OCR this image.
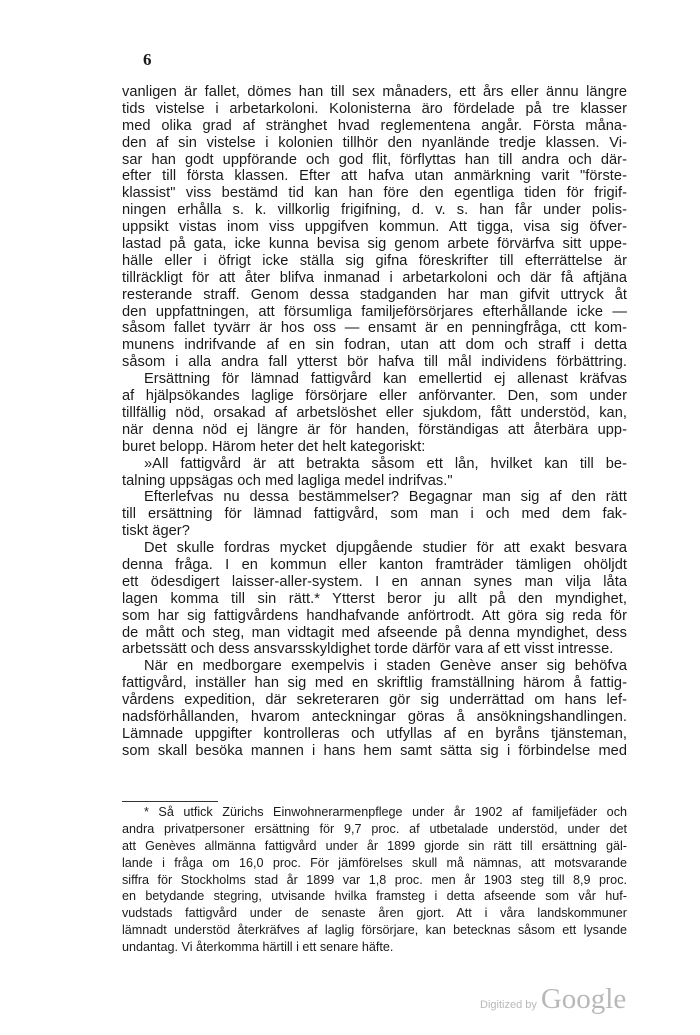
6
vanligen är fallet, dömes han till sex månaders, ett års eller ännu längre
tids vistelse i arbetarkoloni. Kolonisterna äro fördelade på tre klasser
med olika grad af stränghet hvad reglementena angår. Första måna-
den af sin vistelse i kolonien tillhör den nyanlände tredje klassen. Vi-
sar han godt uppförande och god flit, förflyttas han till andra och där-
efter till första klassen. Efter att hafva utan anmärkning varit "förste-
klassist" viss bestämd tid kan han före den egentliga tiden för frigif-
ningen erhålla s. k. villkorlig frigifning, d. v. s. han får under polis-
uppsikt vistas inom viss uppgifven kommun. Att tigga, visa sig öfver-
lastad på gata, icke kunna bevisa sig genom arbete förvärfva sitt uppe-
hälle eller i öfrigt icke ställa sig gifna föreskrifter till efterrättelse är
tillräckligt för att åter blifva inmanad i arbetarkoloni och där få aftjäna
resterande straff. Genom dessa stadganden har man gifvit uttryck åt
den uppfattningen, att försumliga familjeförsörjares efterhållande icke —
såsom fallet tyvärr är hos oss — ensamt är en penningfråga, ctt kom-
munens indrifvande af en sin fodran, utan att dom och straff i detta
såsom i alla andra fall ytterst bör hafva till mål individens förbättring.
Ersättning för lämnad fattigvård kan emellertid ej allenast kräfvas
af hjälpsökandes laglige försörjare eller anförvanter. Den, som under
tillfällig nöd, orsakad af arbetslöshet eller sjukdom, fått understöd, kan,
när denna nöd ej längre är för handen, förständigas att återbära upp-
buret belopp. Härom heter det helt kategoriskt:
»All fattigvård är att betrakta såsom ett lån, hvilket kan till be-
talning uppsägas och med lagliga medel indrifvas."
Efterlefvas nu dessa bestämmelser? Begagnar man sig af den rätt
till ersättning för lämnad fattigvård, som man i och med dem fak-
tiskt äger?
Det skulle fordras mycket djupgående studier för att exakt besvara
denna fråga. I en kommun eller kanton framträder tämligen ohöljdt
ett ödesdigert laisser-aller-system. I en annan synes man vilja låta
lagen komma till sin rätt.* Ytterst beror ju allt på den myndighet,
som har sig fattigvårdens handhafvande anförtrodt. Att göra sig reda för
de mått och steg, man vidtagit med afseende på denna myndighet, dess
arbetssätt och dess ansvarsskyldighet torde därför vara af ett visst intresse.
När en medborgare exempelvis i staden Genève anser sig behöfva
fattigvård, inställer han sig med en skriftlig framställning härom å fattig-
vårdens expedition, där sekreteraren gör sig underrättad om hans lef-
nadsförhållanden, hvarom anteckningar göras å ansökningshandlingen.
Lämnade uppgifter kontrolleras och utfyllas af en byråns tjänsteman,
som skall besöka mannen i hans hem samt sätta sig i förbindelse med
* Så utfick Zürichs Einwohnerarmenpflege under år 1902 af familjefäder och
andra privatpersoner ersättning för 9,7 proc. af utbetalade understöd, under det
att Genèves allmänna fattigvård under år 1899 gjorde sin rätt till ersättning gäl-
lande i fråga om 16,0 proc. För jämförelses skull må nämnas, att motsvarande
siffra för Stockholms stad år 1899 var 1,8 proc. men år 1903 steg till 8,9 proc.
en betydande stegring, utvisande hvilka framsteg i detta afseende som vår huf-
vudstads fattigvård under de senaste åren gjort. Att i våra landskommuner
lämnadt understöd återkräfves af laglig försörjare, kan betecknas såsom ett lysande
undantag. Vi återkomma härtill i ett senare häfte.
Digitized by Google
